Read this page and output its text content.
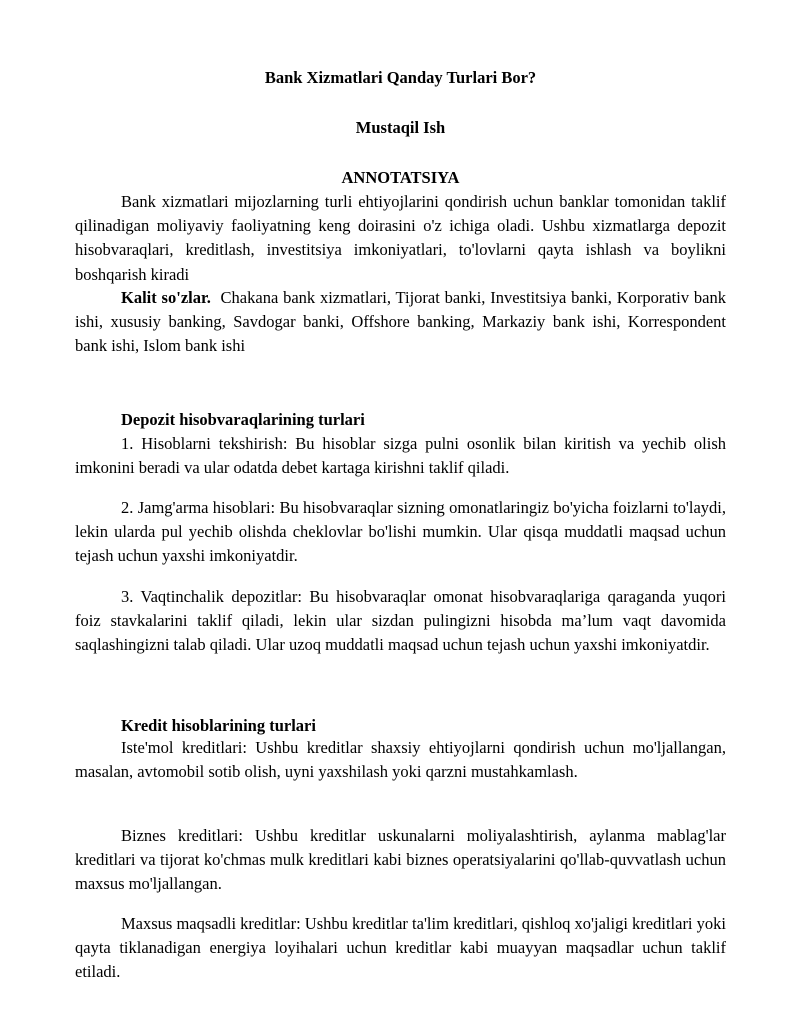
Bank Xizmatlari Qanday Turlari Bor?

Mustaqil Ish

ANNOTATSIYA

Bank xizmatlari mijozlarning turli ehtiyojlarini qondirish uchun banklar tomonidan taklif qilinadigan moliyaviy faoliyatning keng doirasini o'z ichiga oladi. Ushbu xizmatlarga depozit hisobvaraqlari, kreditlash, investitsiya imkoniyatlari, to'lovlarni qayta ishlash va boylikni boshqarish kiradi

Kalit so'zlar. Chakana bank xizmatlari, Tijorat banki, Investitsiya banki, Korporativ bank ishi, xususiy banking, Savdogar banki, Offshore banking, Markaziy bank ishi, Korrespondent bank ishi, Islom bank ishi

Depozit hisobvaraqlarining turlari

1. Hisoblarni tekshirish: Bu hisoblar sizga pulni osonlik bilan kiritish va yechib olish imkonini beradi va ular odatda debet kartaga kirishni taklif qiladi.

2. Jamg'arma hisoblari: Bu hisobvaraqlar sizning omonatlaringiz bo'yicha foizlarni to'laydi, lekin ularda pul yechib olishda cheklovlar bo'lishi mumkin. Ular qisqa muddatli maqsad uchun tejash uchun yaxshi imkoniyatdir.

3. Vaqtinchalik depozitlar: Bu hisobvaraqlar omonat hisobvaraqlariga qaraganda yuqori foiz stavkalarini taklif qiladi, lekin ular sizdan pulingizni hisobda ma’lum vaqt davomida saqlashingizni talab qiladi. Ular uzoq muddatli maqsad uchun tejash uchun yaxshi imkoniyatdir.

Kredit hisoblarining turlari

Iste'mol kreditlari: Ushbu kreditlar shaxsiy ehtiyojlarni qondirish uchun mo'ljallangan, masalan, avtomobil sotib olish, uyni yaxshilash yoki qarzni mustahkamlash.

Biznes kreditlari: Ushbu kreditlar uskunalarni moliyalashtirish, aylanma mablag'lar kreditlari va tijorat ko'chmas mulk kreditlari kabi biznes operatsiyalarini qo'llab-quvvatlash uchun maxsus mo'ljallangan.

Maxsus maqsadli kreditlar: Ushbu kreditlar ta'lim kreditlari, qishloq xo'jaligi kreditlari yoki qayta tiklanadigan energiya loyihalari uchun kreditlar kabi muayyan maqsadlar uchun taklif etiladi.
